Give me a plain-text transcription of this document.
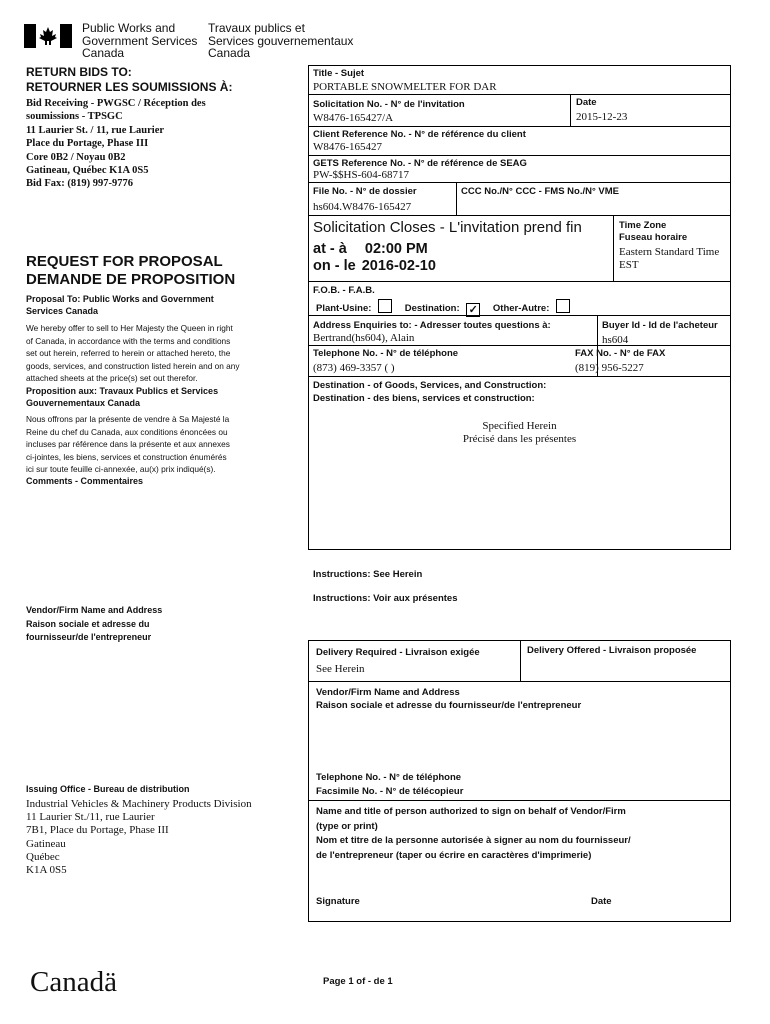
Public Works and
Government Services
Canada
Travaux publics et
Services gouvernementaux
Canada
RETURN BIDS TO:
RETOURNER LES SOUMISSIONS À:
Bid Receiving - PWGSC / Réception des
soumissions - TPSGC
11 Laurier St. / 11, rue Laurier
Place du Portage, Phase III
Core 0B2 / Noyau 0B2
Gatineau, Québec K1A 0S5
Bid Fax: (819) 997-9776
REQUEST FOR PROPOSAL
DEMANDE DE PROPOSITION
Proposal To: Public Works and Government
Services Canada
We hereby offer to sell to Her Majesty the Queen in right
of Canada, in accordance with the terms and conditions
set out herein, referred to herein or attached hereto, the
goods, services, and construction listed herein and on any
attached sheets at the price(s) set out therefor.
Proposition aux: Travaux Publics et Services
Gouvernementaux Canada
Nous offrons par la présente de vendre à Sa Majesté la
Reine du chef du Canada, aux conditions énoncées ou
incluses par référence dans la présente et aux annexes
ci-jointes, les biens, services et construction énumérés
ici sur toute feuille ci-annexée, au(x) prix indiqué(s).
Comments - Commentaires
Vendor/Firm Name and Address
Raison sociale et adresse du
fournisseur/de l'entrepreneur
Issuing Office - Bureau de distribution
Industrial Vehicles & Machinery Products Division
11 Laurier St./11, rue Laurier
7B1, Place du Portage, Phase III
Gatineau
Québec
K1A 0S5
Title - Sujet
PORTABLE SNOWMELTER FOR DAR
Solicitation No. - N° de l'invitation
W8476-165427/A
Date
2015-12-23
Client Reference No. - N° de référence du client
W8476-165427
GETS Reference No. - N° de référence de SEAG
PW-$$HS-604-68717
File No. - N° de dossier
hs604.W8476-165427
CCC No./N° CCC - FMS No./N° VME
Solicitation Closes - L'invitation prend fin
at - à 02:00 PM
on - le 2016-02-10
Time Zone
Fuseau horaire
Eastern Standard Time
EST
F.O.B. - F.A.B.
Plant-Usine:	Destination: ✓ Other-Autre:
Address Enquiries to: - Adresser toutes questions à:
Bertrand(hs604), Alain
Buyer Id - Id de l'acheteur
hs604
Telephone No. - N° de téléphone
(873) 469-3357 ( )
FAX No. - N° de FAX
(819) 956-5227
Destination - of Goods, Services, and Construction:
Destination - des biens, services et construction:
Specified Herein
Précisé dans les présentes
Instructions: See Herein
Instructions: Voir aux présentes
Delivery Required - Livraison exigée
See Herein
Delivery Offered - Livraison proposée
Vendor/Firm Name and Address
Raison sociale et adresse du fournisseur/de l'entrepreneur
Telephone No. - N° de téléphone
Facsimile No. - N° de télécopieur
Name and title of person authorized to sign on behalf of Vendor/Firm
(type or print)
Nom et titre de la personne autorisée à signer au nom du fournisseur/
de l'entrepreneur (taper ou écrire en caractères d'imprimerie)
Signature	Date
Canadä	Page 1 of - de 1
